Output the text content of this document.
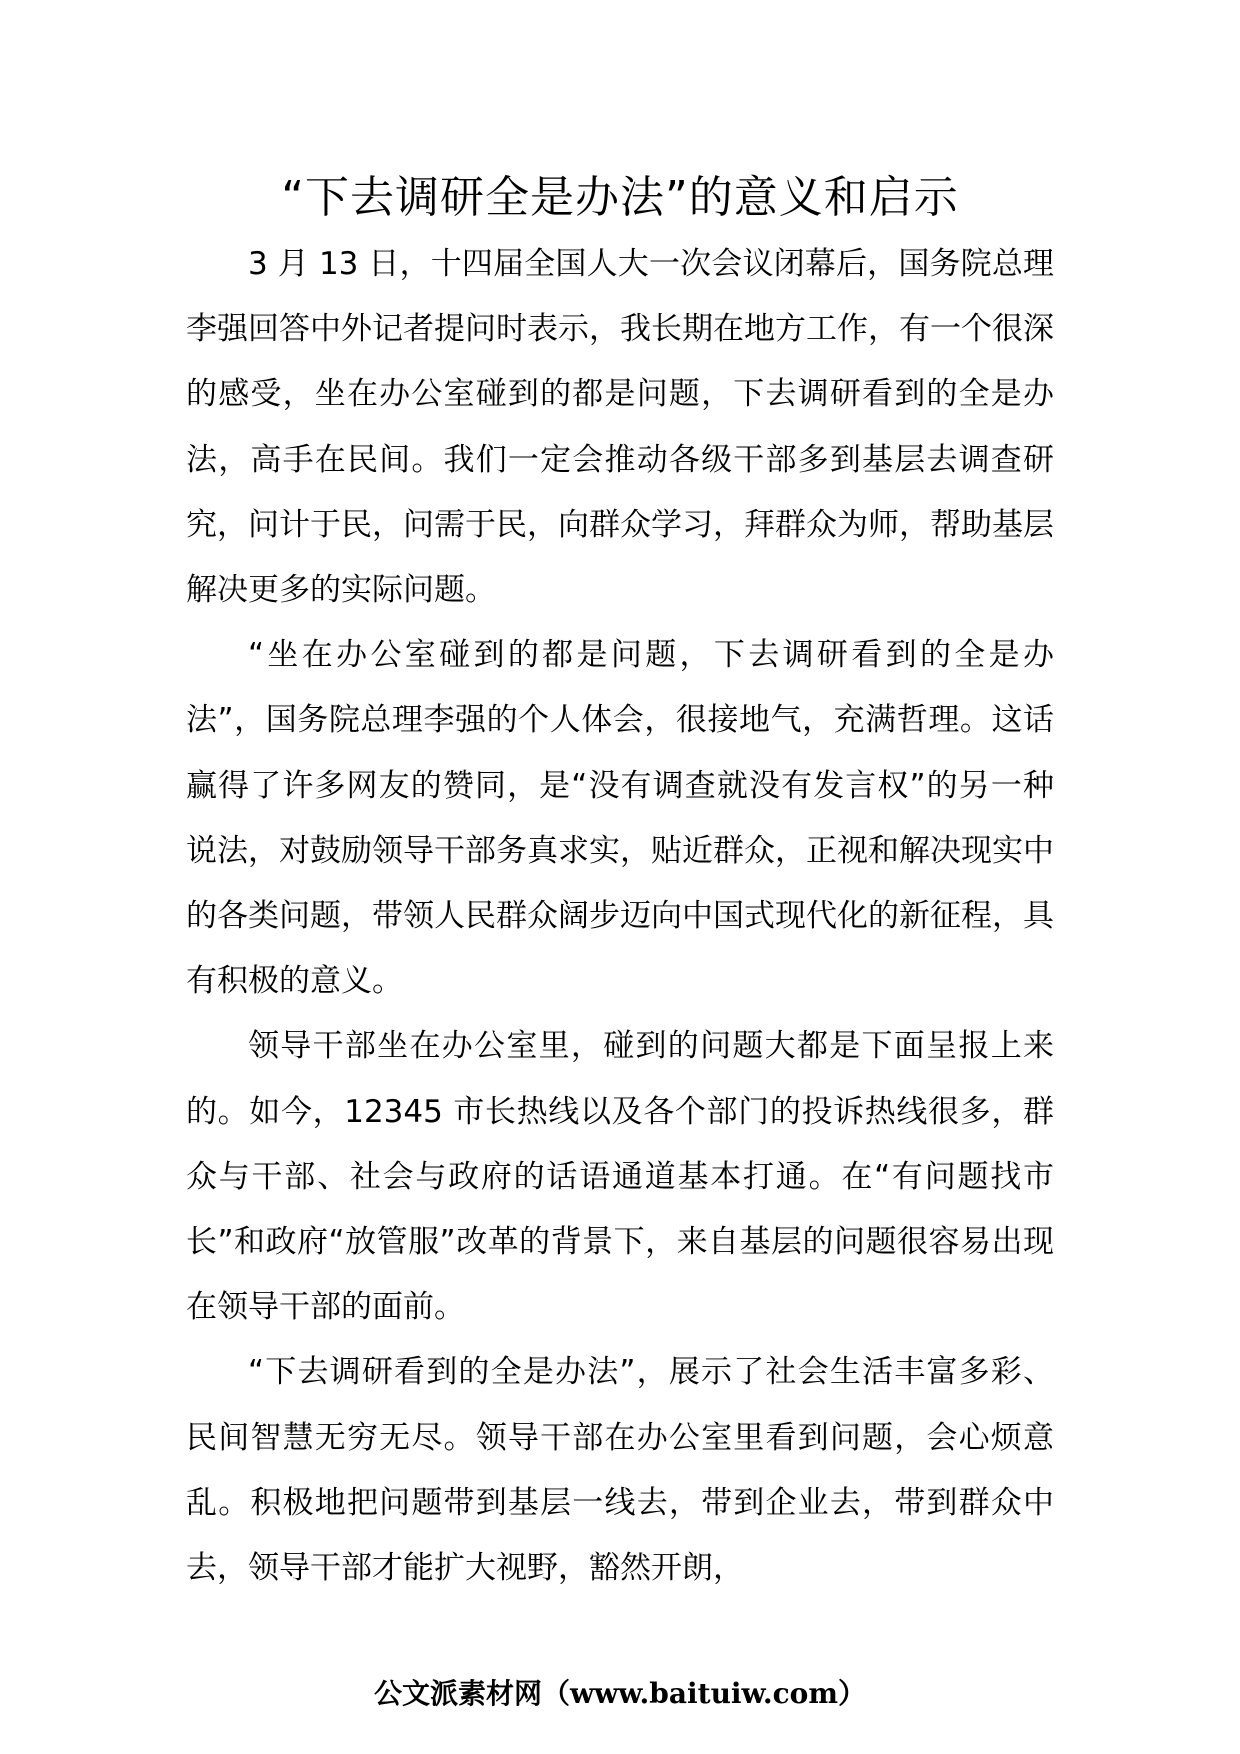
“下去调研全是办法”的意义和启示

3 月 13 日，十四届全国人大一次会议闭幕后，国务院总理李强回答中外记者提问时表示，我长期在地方工作，有一个很深的感受，坐在办公室碰到的都是问题，下去调研看到的全是办法，高手在民间。我们一定会推动各级干部多到基层去调查研究，问计于民，问需于民，向群众学习，拜群众为师，帮助基层解决更多的实际问题。

“坐在办公室碰到的都是问题，下去调研看到的全是办法”，国务院总理李强的个人体会，很接地气，充满哲理。这话赢得了许多网友的赞同，是“没有调查就没有发言权”的另一种说法，对鼓励领导干部务真求实，贴近群众，正视和解决现实中的各类问题，带领人民群众阔步迈向中国式现代化的新征程，具有积极的意义。

领导干部坐在办公室里，碰到的问题大都是下面呈报上来的。如今，12345 市长热线以及各个部门的投诉热线很多，群众与干部、社会与政府的话语通道基本打通。在“有问题找市长”和政府“放管服”改革的背景下，来自基层的问题很容易出现在领导干部的面前。

“下去调研看到的全是办法”，展示了社会生活丰富多彩、民间智慧无穷无尽。领导干部在办公室里看到问题，会心烦意乱。积极地把问题带到基层一线去，带到企业去，带到群众中去，领导干部才能扩大视野，豁然开朗，

公文派素材网（www.baituiw.com）
